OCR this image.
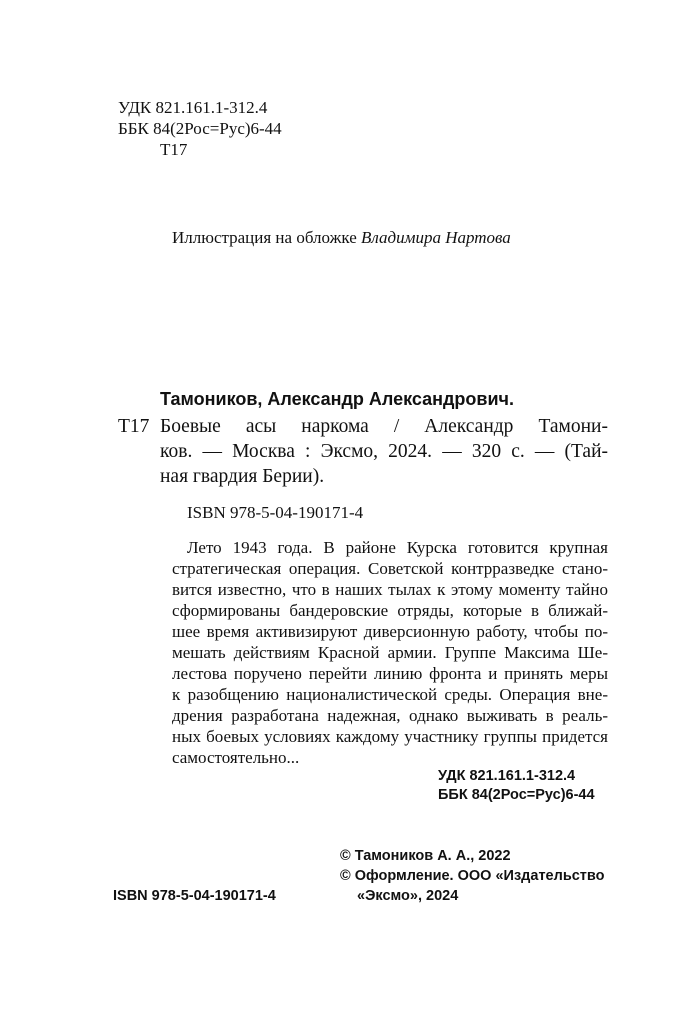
УДК 821.161.1-312.4
ББК 84(2Рос=Рус)6-44
Т17
Иллюстрация на обложке Владимира Нартова
Тамоников, Александр Александрович.
Т17 Боевые асы наркома / Александр Тамони-
ков. — Москва : Эксмо, 2024. — 320 с. — (Тай-
ная гвардия Берии).
ISBN 978-5-04-190171-4
Лето 1943 года. В районе Курска готовится крупная
стратегическая операция. Советской контрразведке стано-
вится известно, что в наших тылах к этому моменту тайно
сформированы бандеровские отряды, которые в ближай-
шее время активизируют диверсионную работу, чтобы по-
мешать действиям Красной армии. Группе Максима Ше-
лестова поручено перейти линию фронта и принять меры
к разобщению националистической среды. Операция вне-
дрения разработана надежная, однако выживать в реаль-
ных боевых условиях каждому участнику группы придется
самостоятельно...
УДК 821.161.1-312.4
ББК 84(2Рос=Рус)6-44
© Тамоников А. А., 2022
© Оформление. ООО «Издательство
«Эксмо», 2024
ISBN 978-5-04-190171-4
